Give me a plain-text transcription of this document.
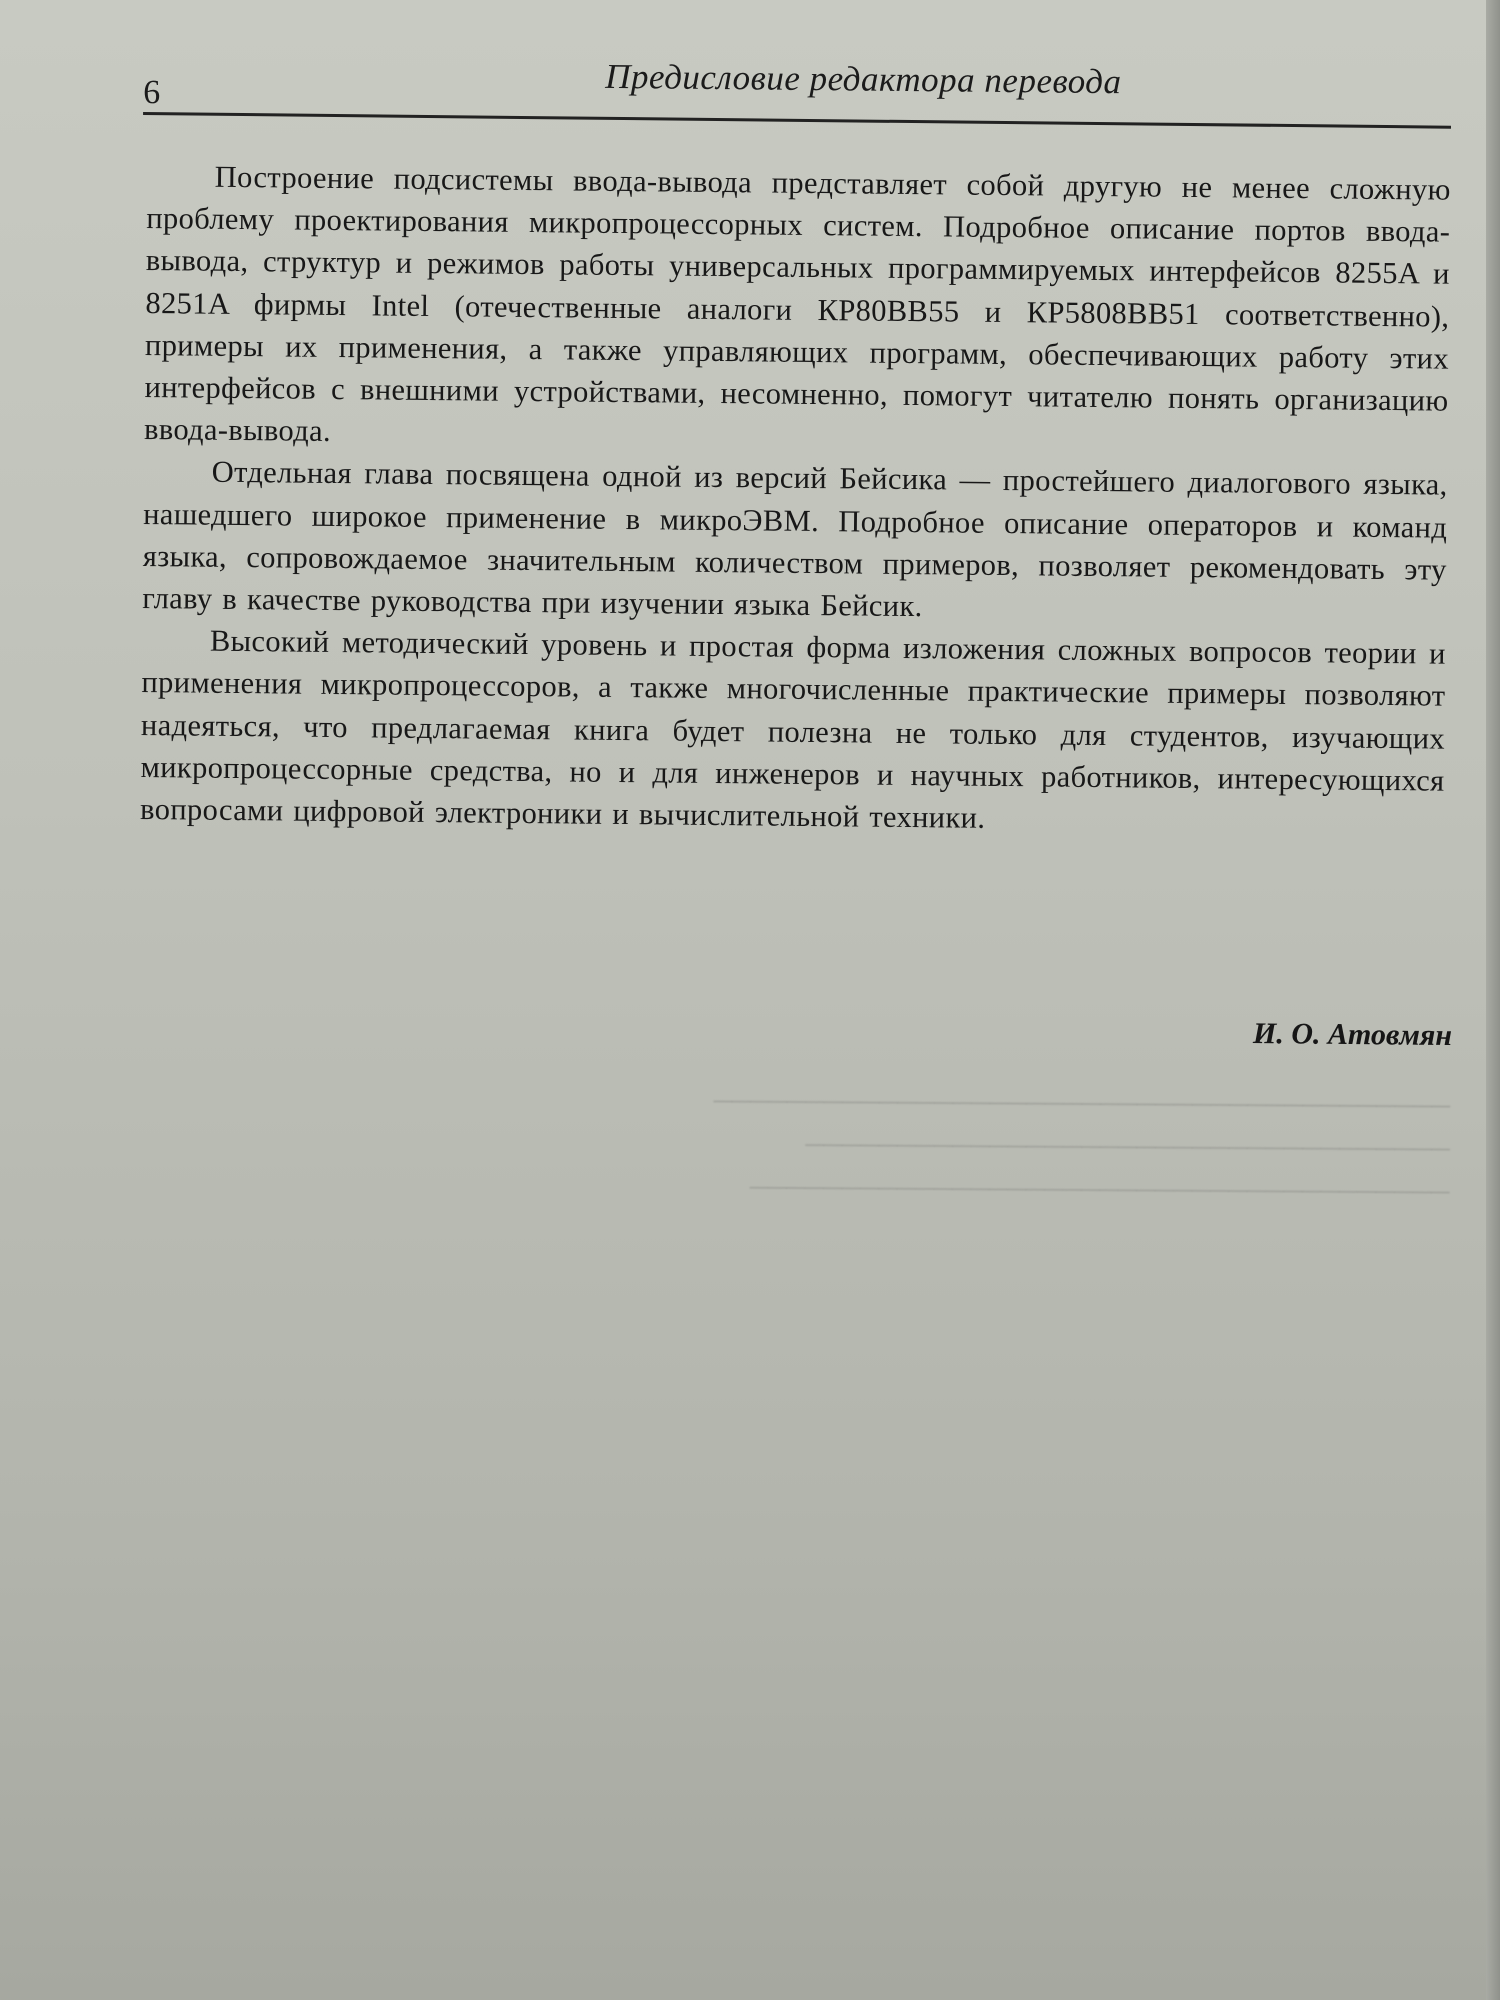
6	Предисловие редактора перевода

Построение подсистемы ввода-вывода представляет собой другую не менее сложную проблему проектирования микропроцессорных систем. Подробное описание портов ввода-вывода, структур и режимов работы универсальных программируемых интерфейсов 8255A и 8251A фирмы Intel (отечественные аналоги КР80ВВ55 и КР5808ВВ51 соответственно), примеры их применения, а также управляющих программ, обеспечивающих работу этих интерфейсов с внешними устройствами, несомненно, помогут читателю понять организацию ввода-вывода.

Отдельная глава посвящена одной из версий Бейсика — простейшего диалогового языка, нашедшего широкое применение в микроЭВМ. Подробное описание операторов и команд языка, сопровождаемое значительным количеством примеров, позволяет рекомендовать эту главу в качестве руководства при изучении языка Бейсик.

Высокий методический уровень и простая форма изложения сложных вопросов теории и применения микропроцессоров, а также многочисленные практические примеры позволяют надеяться, что предлагаемая книга будет полезна не только для студентов, изучающих микропроцессорные средства, но и для инженеров и научных работников, интересующихся вопросами цифровой электроники и вычислительной техники.

И. О. Атовмян
────────────────────────────────────────
───────────────────────────────────
──────────────────────────────────────
